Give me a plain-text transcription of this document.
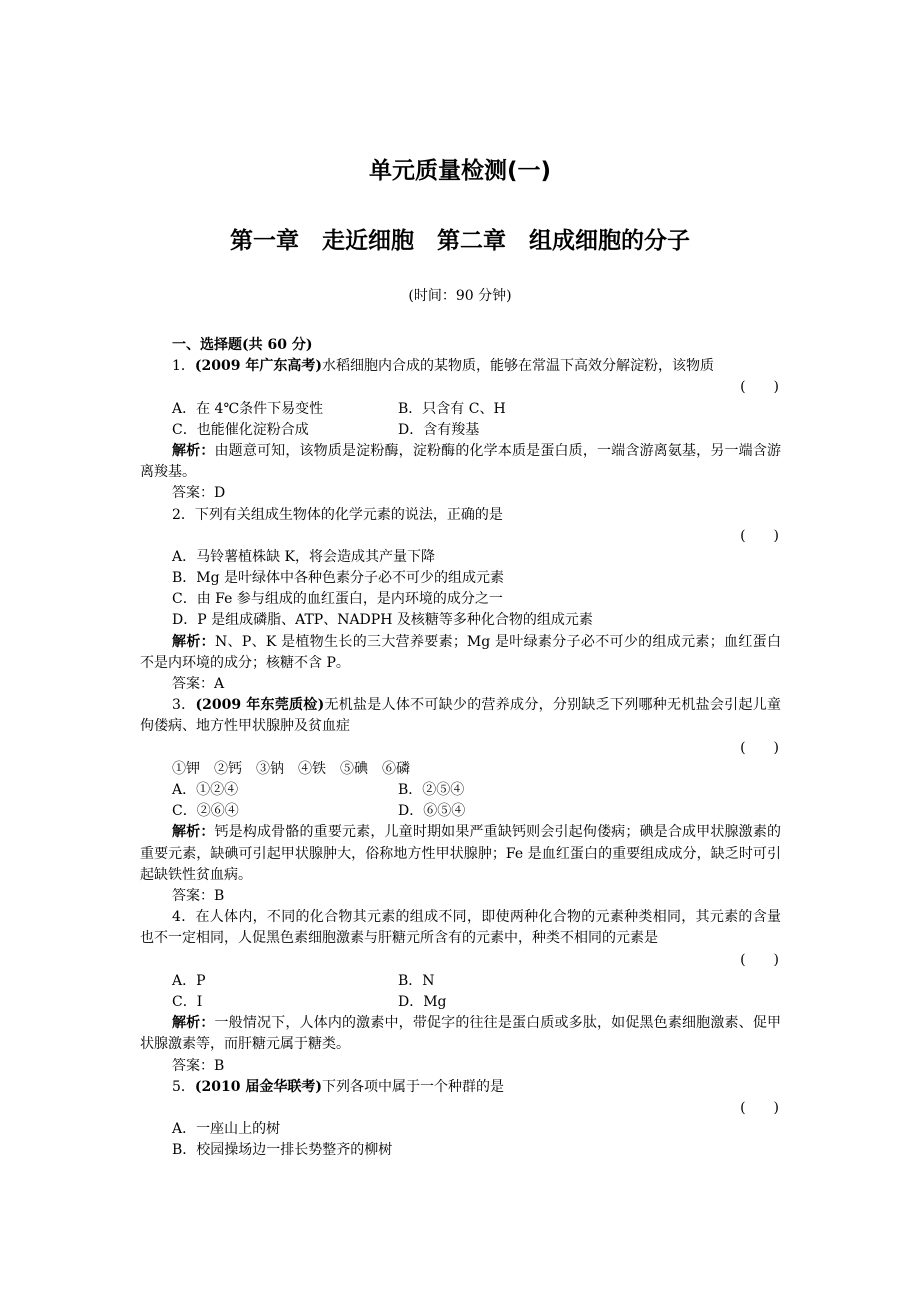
单元质量检测(一)
第一章　走近细胞　第二章　组成细胞的分子
(时间：90 分钟)
一、选择题(共 60 分)
1．(2009 年广东高考)水稻细胞内合成的某物质，能够在常温下高效分解淀粉，该物质
(　　)
A．在 4℃条件下易变性	B．只含有 C、H
C．也能催化淀粉合成	D．含有羧基
解析：由题意可知，该物质是淀粉酶，淀粉酶的化学本质是蛋白质，一端含游离氨基，另一端含游离羧基。
答案：D
2．下列有关组成生物体的化学元素的说法，正确的是
(　　)
A．马铃薯植株缺 K，将会造成其产量下降
B．Mg 是叶绿体中各种色素分子必不可少的组成元素
C．由 Fe 参与组成的血红蛋白，是内环境的成分之一
D．P 是组成磷脂、ATP、NADPH 及核糖等多种化合物的组成元素
解析：N、P、K 是植物生长的三大营养要素；Mg 是叶绿素分子必不可少的组成元素；血红蛋白不是内环境的成分；核糖不含 P。
答案：A
3．(2009 年东莞质检)无机盐是人体不可缺少的营养成分，分别缺乏下列哪种无机盐会引起儿童佝偻病、地方性甲状腺肿及贫血症
(　　)
①钾　②钙　③钠　④铁　⑤碘　⑥磷
A．①②④	B．②⑤④
C．②⑥④	D．⑥⑤④
解析：钙是构成骨骼的重要元素，儿童时期如果严重缺钙则会引起佝偻病；碘是合成甲状腺激素的重要元素，缺碘可引起甲状腺肿大，俗称地方性甲状腺肿；Fe 是血红蛋白的重要组成成分，缺乏时可引起缺铁性贫血病。
答案：B
4．在人体内，不同的化合物其元素的组成不同，即使两种化合物的元素种类相同，其元素的含量也不一定相同，人促黑色素细胞激素与肝糖元所含有的元素中，种类不相同的元素是
(　　)
A．P	B．N
C．I	D．Mg
解析：一般情况下，人体内的激素中，带促字的往往是蛋白质或多肽，如促黑色素细胞激素、促甲状腺激素等，而肝糖元属于糖类。
答案：B
5．(2010 届金华联考)下列各项中属于一个种群的是
(　　)
A．一座山上的树
B．校园操场边一排长势整齐的柳树
